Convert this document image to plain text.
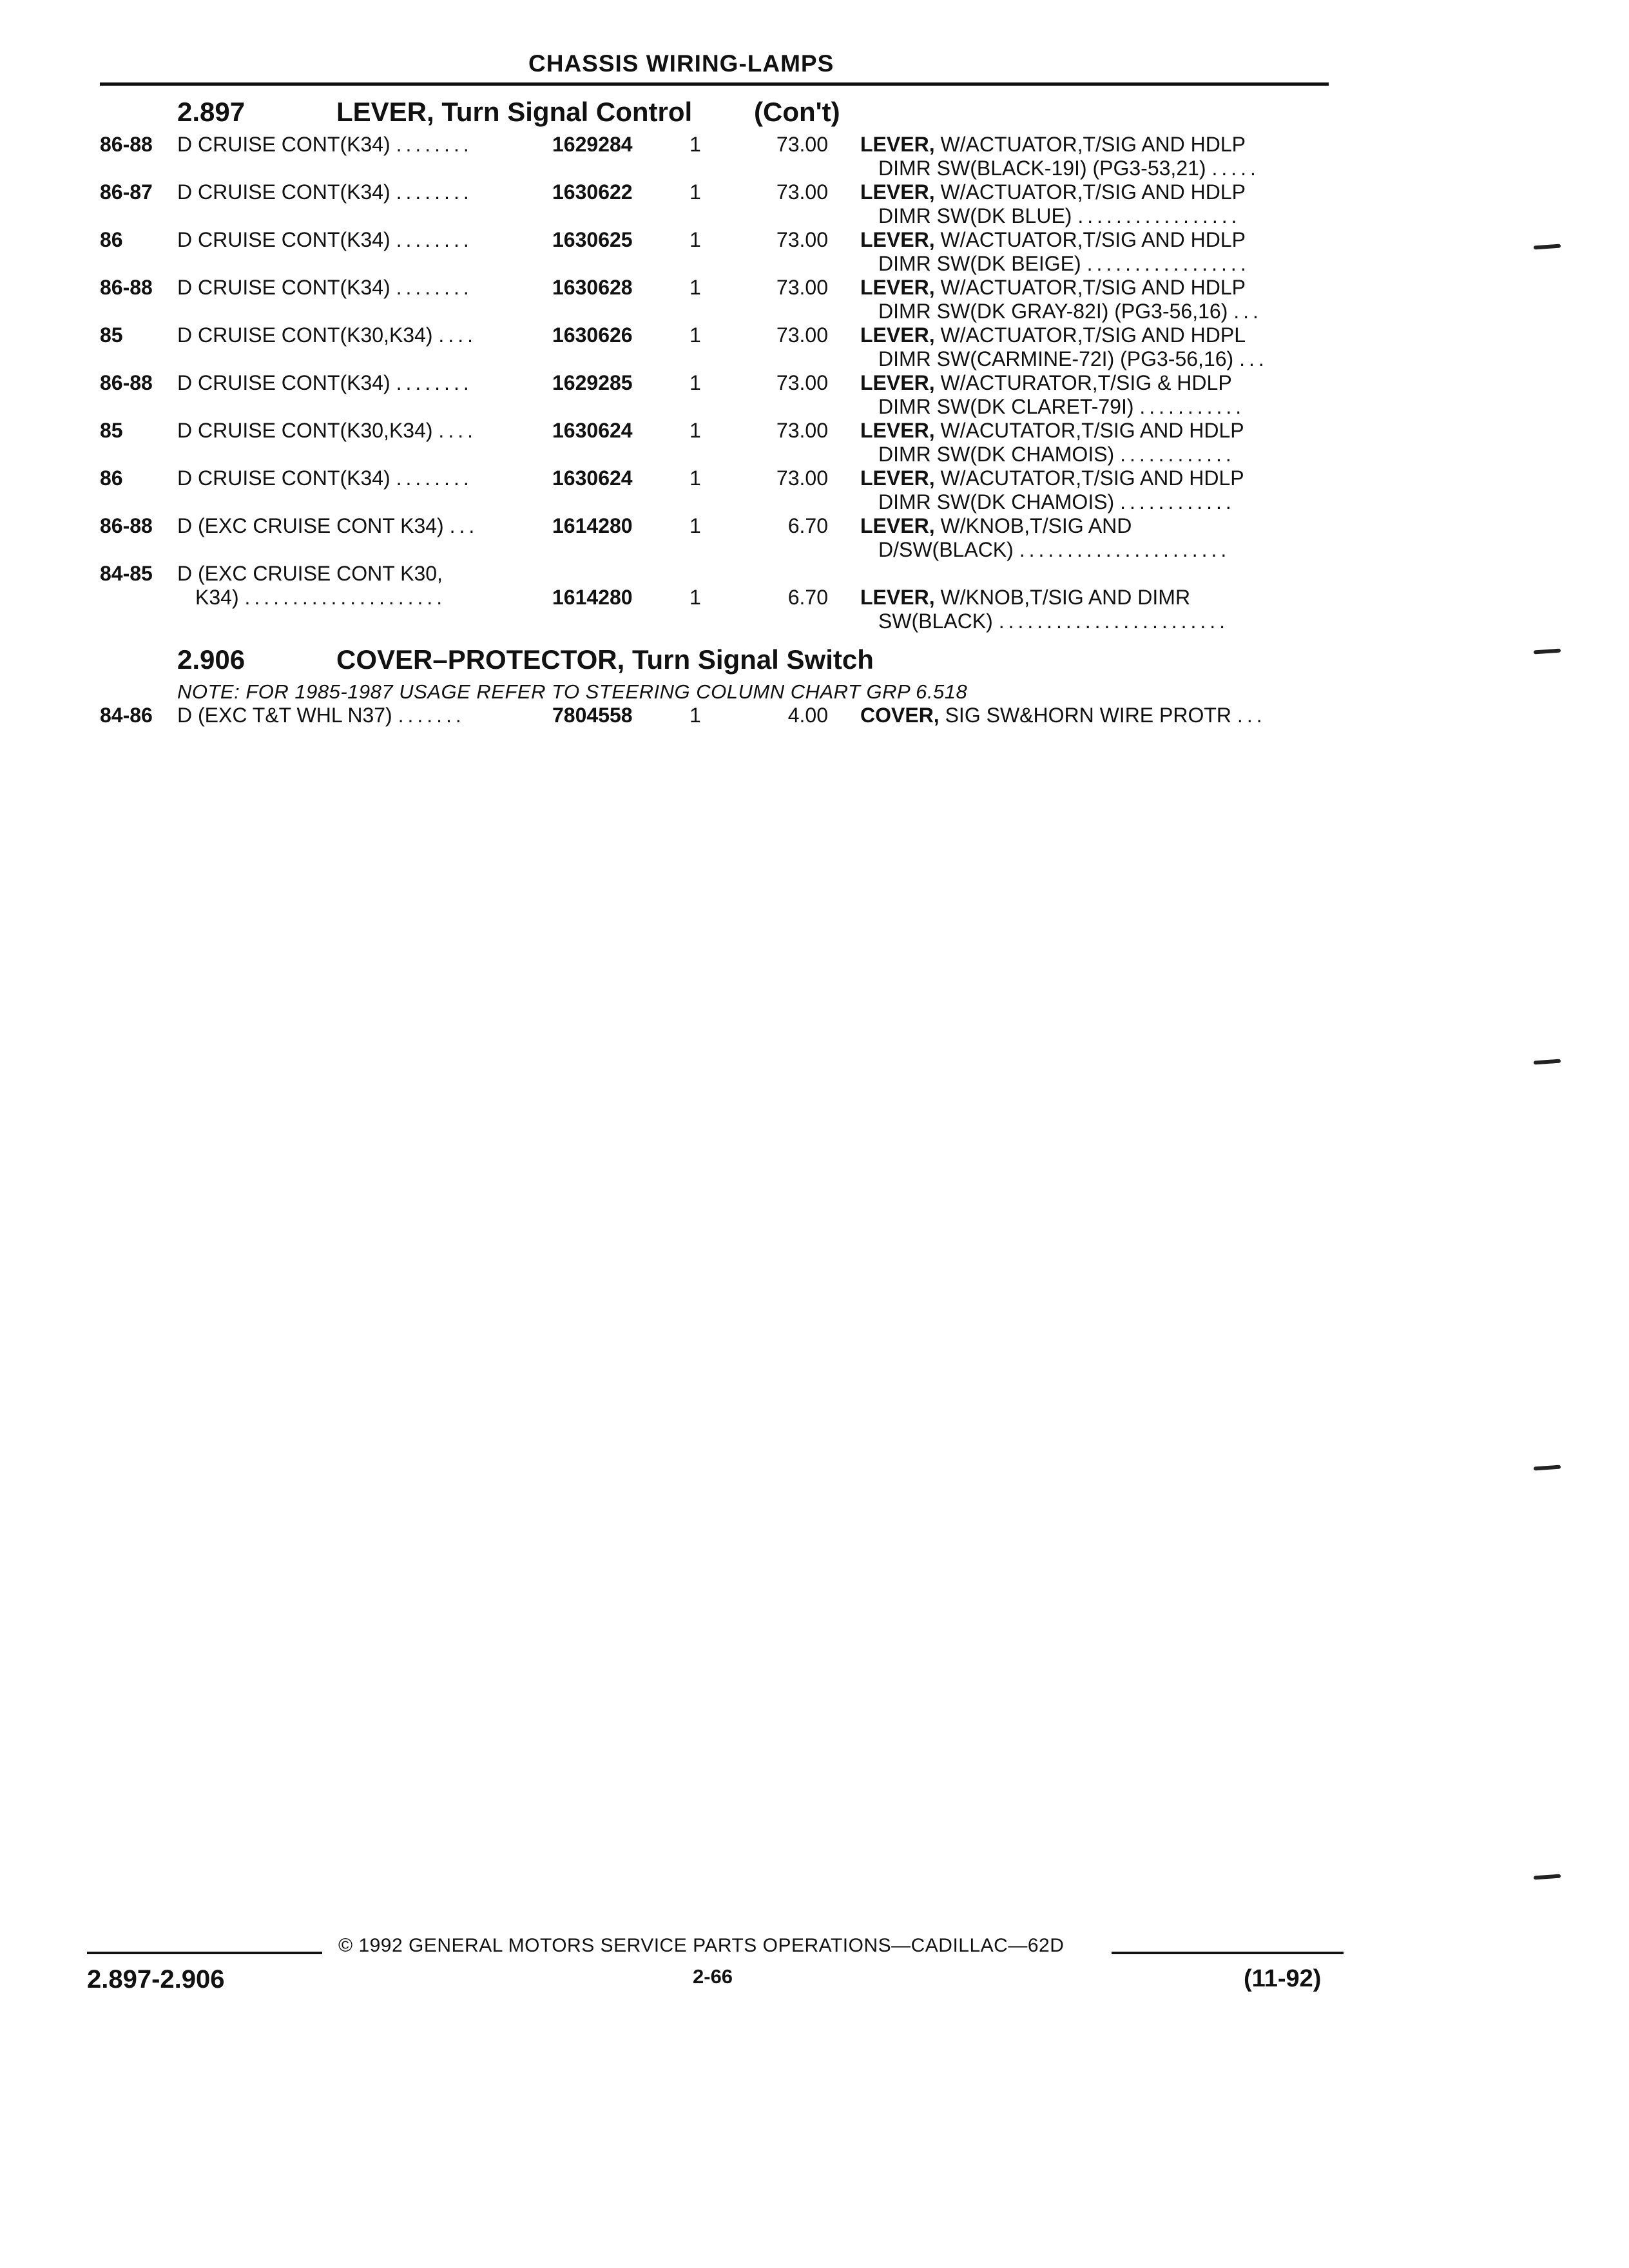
CHASSIS WIRING-LAMPS
2.897	LEVER, Turn Signal Control (Con't)
86-88 D CRUISE CONT(K34) ........	1629284	1	73.00 LEVER, W/ACTUATOR,T/SIG AND HDLP
DIMR SW(BLACK-19I) (PG3-53,21) .....
86-87 D CRUISE CONT(K34) ........	1630622	1	73.00 LEVER, W/ACTUATOR,T/SIG AND HDLP
DIMR SW(DK BLUE) .................
86	D CRUISE CONT(K34) ........	1630625	1	73.00 LEVER, W/ACTUATOR,T/SIG AND HDLP
DIMR SW(DK BEIGE) .................
86-88 D CRUISE CONT(K34) ........	1630628	1	73.00 LEVER, W/ACTUATOR,T/SIG AND HDLP
DIMR SW(DK GRAY-82I) (PG3-56,16) ...
85	D CRUISE CONT(K30,K34) ....	1630626	1	73.00 LEVER, W/ACTUATOR,T/SIG AND HDPL
DIMR SW(CARMINE-72I) (PG3-56,16) ...
86-88 D CRUISE CONT(K34) ........	1629285	1	73.00 LEVER, W/ACTURATOR,T/SIG & HDLP
DIMR SW(DK CLARET-79I) ...........
85	D CRUISE CONT(K30,K34) ....	1630624	1	73.00 LEVER, W/ACUTATOR,T/SIG AND HDLP
DIMR SW(DK CHAMOIS) ............
86	D CRUISE CONT(K34) ........	1630624	1	73.00 LEVER, W/ACUTATOR,T/SIG AND HDLP
DIMR SW(DK CHAMOIS) ............
86-88 D (EXC CRUISE CONT K34) ...	1614280	1	6.70 LEVER, W/KNOB,T/SIG AND
D/SW(BLACK) ......................
84-85 D (EXC CRUISE CONT K30,
K34) .....................	1614280	1	6.70 LEVER, W/KNOB,T/SIG AND DIMR
SW(BLACK) ........................
2.906	COVER–PROTECTOR, Turn Signal Switch
NOTE: FOR 1985-1987 USAGE REFER TO STEERING COLUMN CHART GRP 6.518
84-86 D (EXC T&T WHL N37) .......	7804558	1	4.00 COVER, SIG SW&HORN WIRE PROTR ...
© 1992 GENERAL MOTORS SERVICE PARTS OPERATIONS—CADILLAC—62D
2.897-2.906	2-66	(11-92)
